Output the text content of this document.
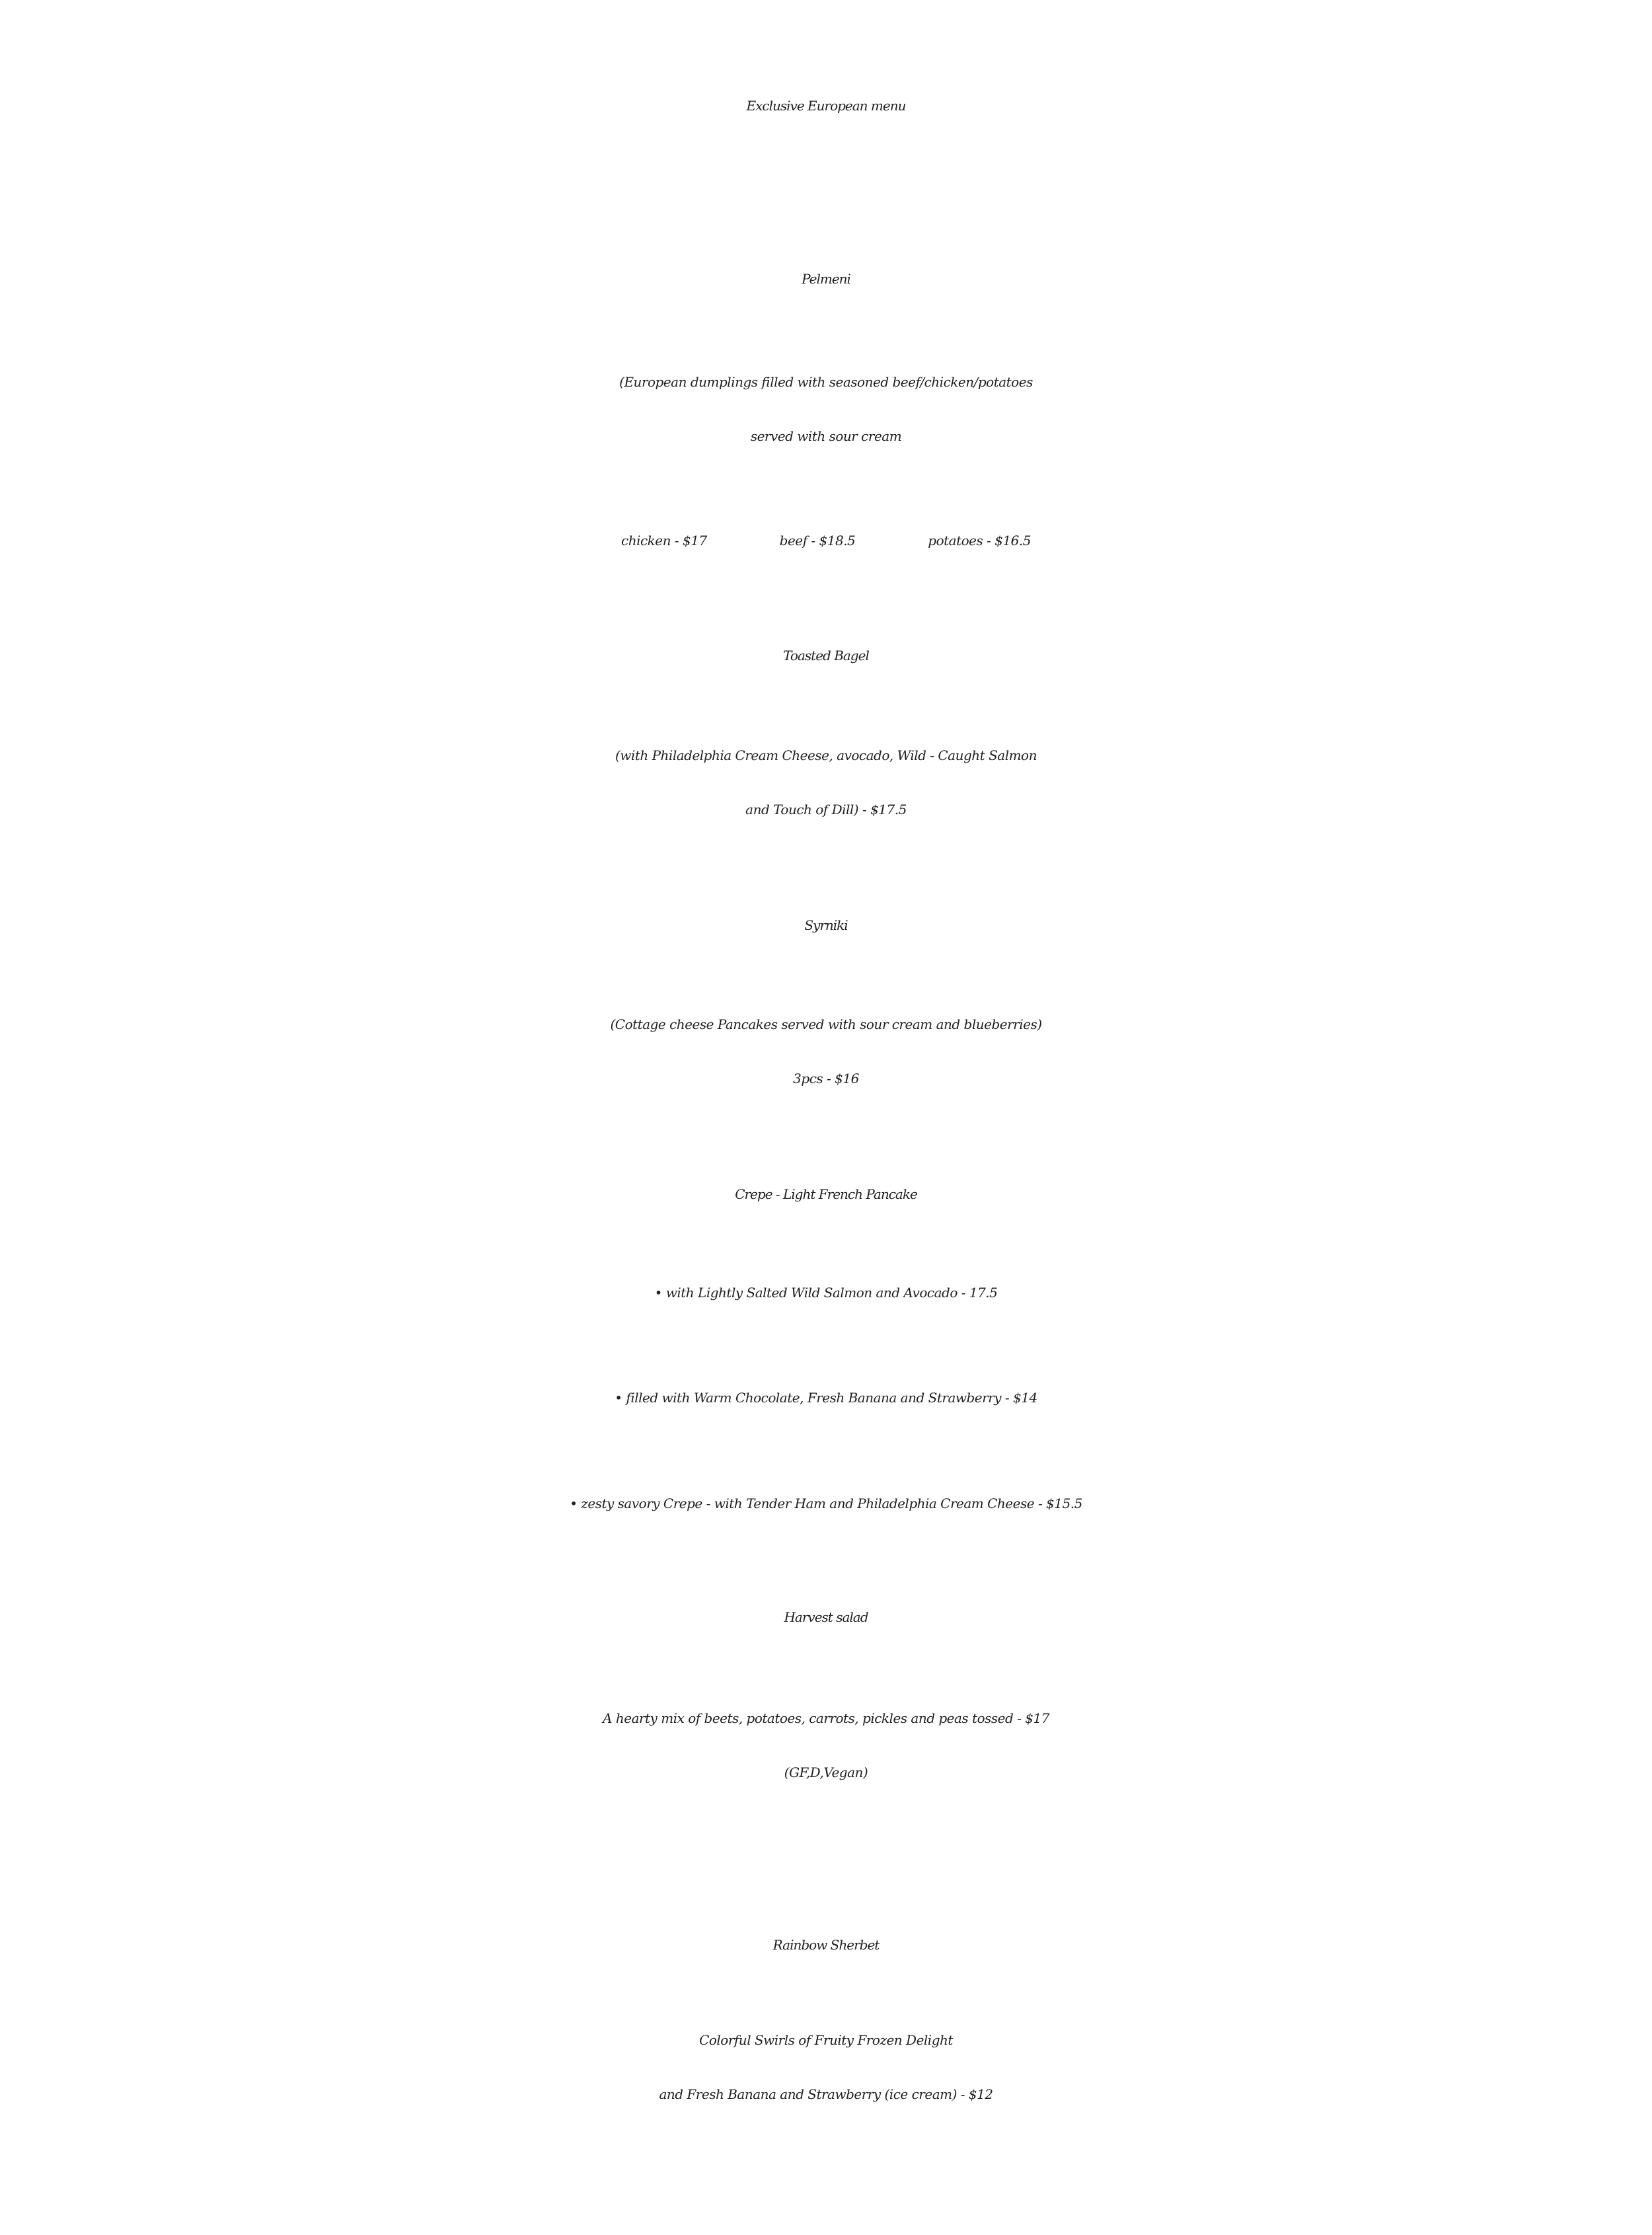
Exclusive European menu
Pelmeni
(European dumplings filled with seasoned beef/chicken/potatoes
served with sour cream
chicken - $17	beef - $18.5	potatoes - $16.5
Toasted Bagel
(with Philadelphia Cream Cheese, avocado, Wild - Caught Salmon
and Touch of Dill) - $17.5
Syrniki
(Cottage cheese Pancakes served with sour cream and blueberries)
3pcs - $16
Crepe - Light French Pancake
• with Lightly Salted Wild Salmon and Avocado - 17.5
• filled with Warm Chocolate, Fresh Banana and Strawberry - $14
• zesty savory Crepe - with Tender Ham and Philadelphia Cream Cheese - $15.5
Harvest salad
A hearty mix of beets, potatoes, carrots, pickles and peas tossed - $17
(GF,D,Vegan)
Rainbow Sherbet
Colorful Swirls of Fruity Frozen Delight
and Fresh Banana and Strawberry (ice cream) - $12
